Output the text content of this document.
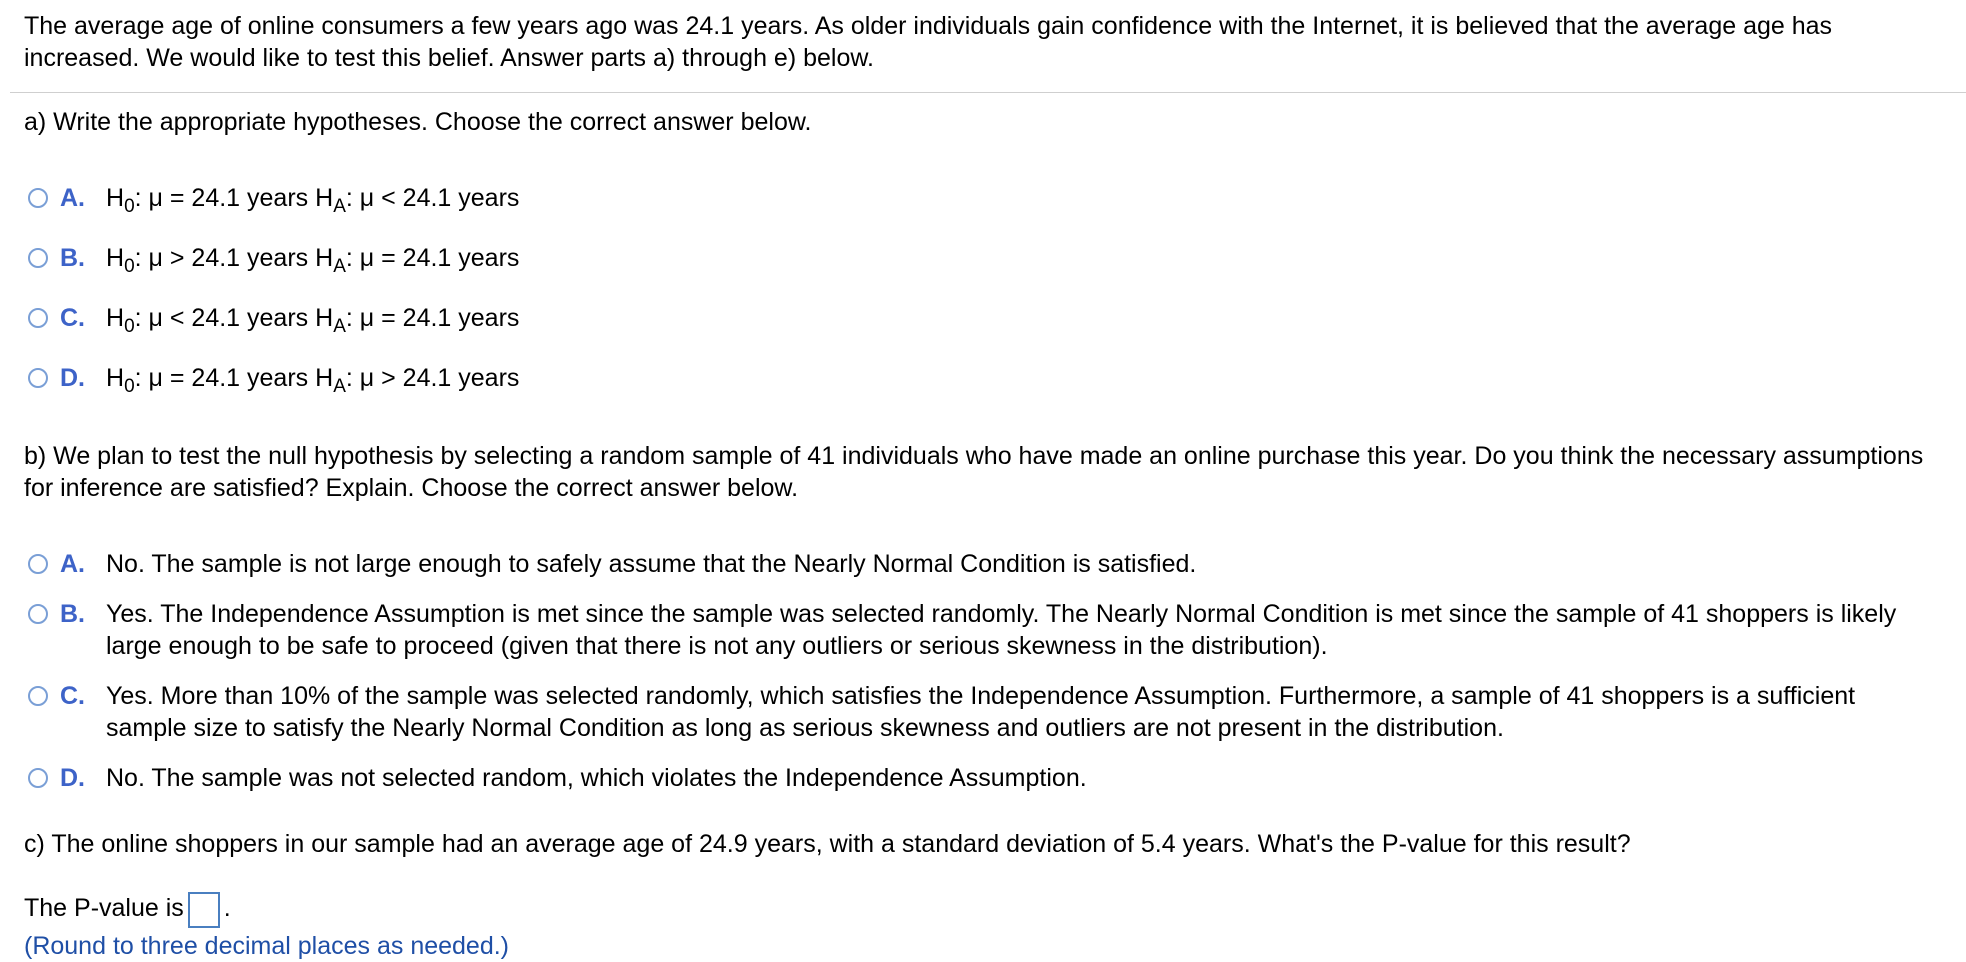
The average age of online consumers a few years ago was 24.1 years. As older individuals gain confidence with the Internet, it is believed that the average age has increased. We would like to test this belief. Answer parts a) through e) below.

a) Write the appropriate hypotheses. Choose the correct answer below.

A. $H_0$: μ = 24.1 years $H_A$: μ < 24.1 years
B. $H_0$: μ > 24.1 years $H_A$: μ = 24.1 years
C. $H_0$: μ < 24.1 years $H_A$: μ = 24.1 years
D. $H_0$: μ = 24.1 years $H_A$: μ > 24.1 years

b) We plan to test the null hypothesis by selecting a random sample of 41 individuals who have made an online purchase this year. Do you think the necessary assumptions for inference are satisfied? Explain. Choose the correct answer below.

A. No. The sample is not large enough to safely assume that the Nearly Normal Condition is satisfied.
B. Yes. The Independence Assumption is met since the sample was selected randomly. The Nearly Normal Condition is met since the sample of 41 shoppers is likely large enough to be safe to proceed (given that there is not any outliers or serious skewness in the distribution).
C. Yes. More than 10% of the sample was selected randomly, which satisfies the Independence Assumption. Furthermore, a sample of 41 shoppers is a sufficient sample size to satisfy the Nearly Normal Condition as long as serious skewness and outliers are not present in the distribution.
D. No. The sample was not selected random, which violates the Independence Assumption.

c) The online shoppers in our sample had an average age of 24.9 years, with a standard deviation of 5.4 years. What's the P-value for this result?

The P-value is .

(Round to three decimal places as needed.)
